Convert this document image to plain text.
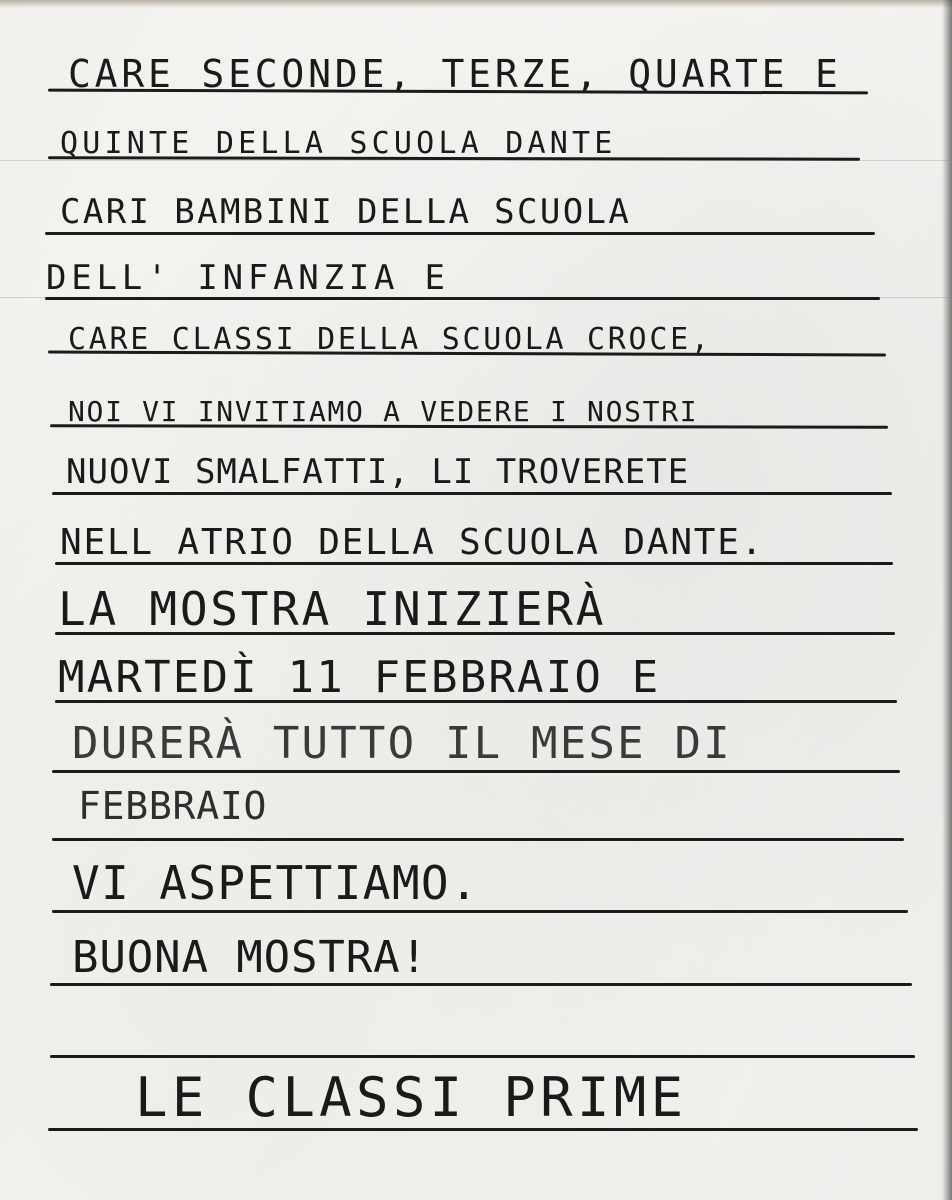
CARE SECONDE, TERZE, QUARTE E
QUINTE DELLA SCUOLA DANTE
CARI BAMBINI DELLA SCUOLA
DELL' INFANZIA E
CARE CLASSI DELLA SCUOLA CROCE,
NOI VI INVITIAMO A VEDERE I NOSTRI
NUOVI SMALFATTI, LI TROVERETE
NELL ATRIO DELLA SCUOLA DANTE.
LA MOSTRA INIZIERÀ
MARTEDÌ 11 FEBBRAIO E
DURERÀ TUTTO IL MESE DI
FEBBRAIO
VI ASPETTIAMO.
BUONA MOSTRA!
LE CLASSI PRIME
